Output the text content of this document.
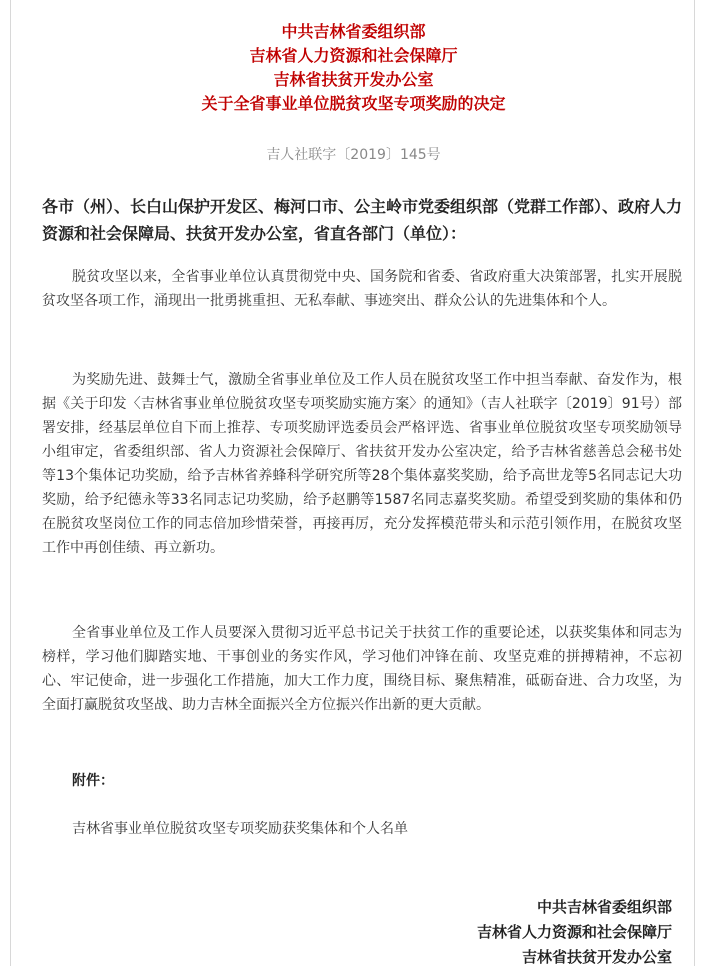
中共吉林省委组织部
吉林省人力资源和社会保障厅
吉林省扶贫开发办公室
关于全省事业单位脱贫攻坚专项奖励的决定
吉人社联字〔2019〕145号
各市（州）、长白山保护开发区、梅河口市、公主岭市党委组织部（党群工作部）、政府人力资源和社会保障局、扶贫开发办公室，省直各部门（单位）：
脱贫攻坚以来，全省事业单位认真贯彻党中央、国务院和省委、省政府重大决策部署，扎实开展脱贫攻坚各项工作，涌现出一批勇挑重担、无私奉献、事迹突出、群众公认的先进集体和个人。
为奖励先进、鼓舞士气，激励全省事业单位及工作人员在脱贫攻坚工作中担当奉献、奋发作为，根据《关于印发〈吉林省事业单位脱贫攻坚专项奖励实施方案〉的通知》（吉人社联字〔2019〕91号）部署安排，经基层单位自下而上推荐、专项奖励评选委员会严格评选、省事业单位脱贫攻坚专项奖励领导小组审定，省委组织部、省人力资源社会保障厅、省扶贫开发办公室决定，给予吉林省慈善总会秘书处等13个集体记功奖励，给予吉林省养蜂科学研究所等28个集体嘉奖奖励，给予高世龙等5名同志记大功奖励，给予纪德永等33名同志记功奖励，给予赵鹏等1587名同志嘉奖奖励。希望受到奖励的集体和仍在脱贫攻坚岗位工作的同志倍加珍惜荣誉，再接再厉，充分发挥模范带头和示范引领作用，在脱贫攻坚工作中再创佳绩、再立新功。
全省事业单位及工作人员要深入贯彻习近平总书记关于扶贫工作的重要论述，以获奖集体和同志为榜样，学习他们脚踏实地、干事创业的务实作风，学习他们冲锋在前、攻坚克难的拼搏精神，不忘初心、牢记使命，进一步强化工作措施，加大工作力度，围绕目标、聚焦精准，砥砺奋进、合力攻坚，为全面打赢脱贫攻坚战、助力吉林全面振兴全方位振兴作出新的更大贡献。
附件：
吉林省事业单位脱贫攻坚专项奖励获奖集体和个人名单
中共吉林省委组织部
吉林省人力资源和社会保障厅
吉林省扶贫开发办公室
